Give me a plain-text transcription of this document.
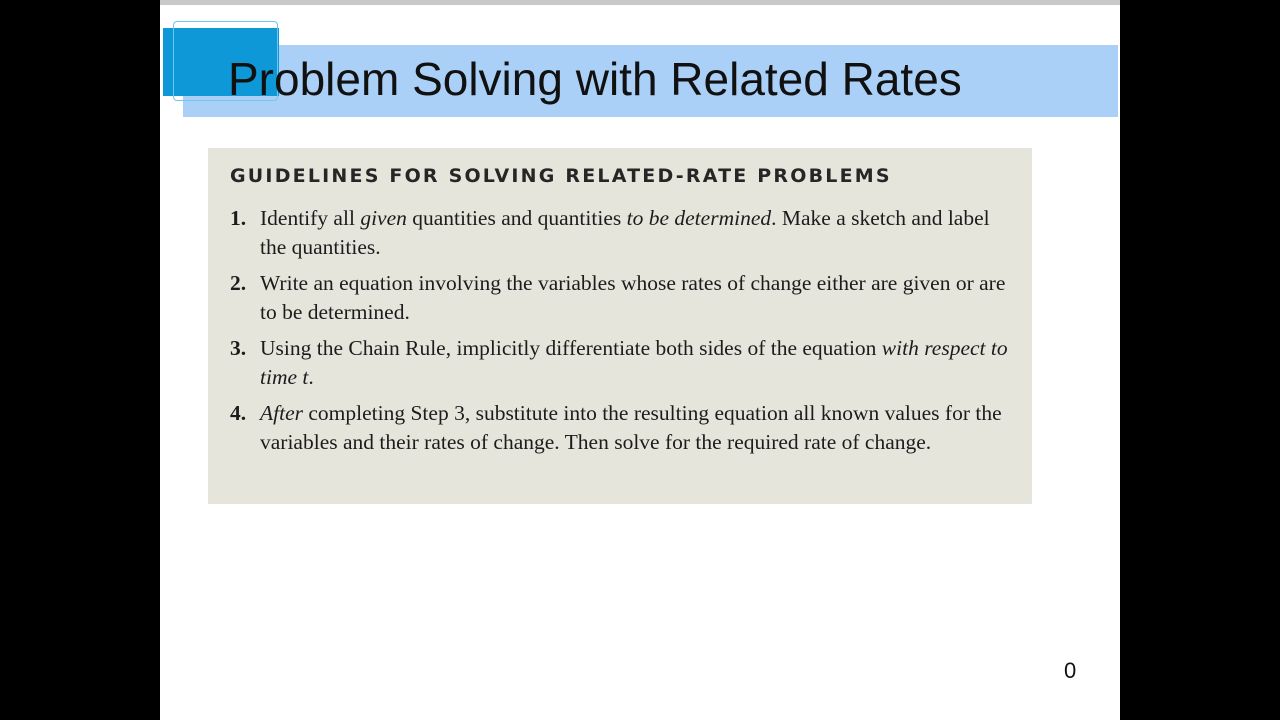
Problem Solving with Related Rates
GUIDELINES FOR SOLVING RELATED-RATE PROBLEMS
1. Identify all given quantities and quantities to be determined. Make a sketch and label the quantities.
2. Write an equation involving the variables whose rates of change either are given or are to be determined.
3. Using the Chain Rule, implicitly differentiate both sides of the equation with respect to time t.
4. After completing Step 3, substitute into the resulting equation all known values for the variables and their rates of change. Then solve for the required rate of change.
0
